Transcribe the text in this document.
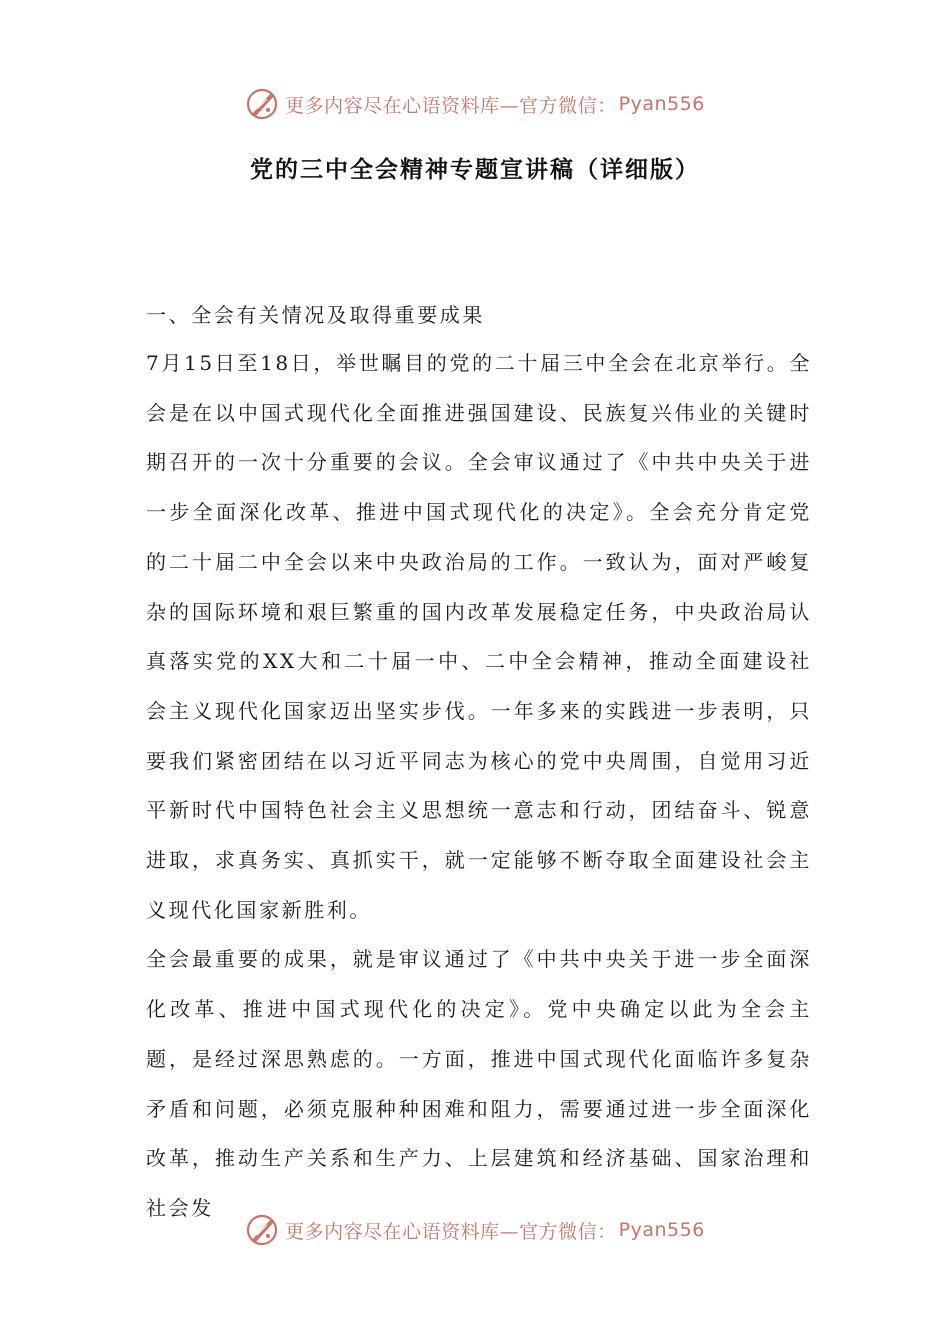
更多内容尽在心语资料库—官方微信： Pyan556
党的三中全会精神专题宣讲稿（详细版）

一、全会有关情况及取得重要成果

7月15日至18日，举世瞩目的党的二十届三中全会在北京举行。全会是在以中国式现代化全面推进强国建设、民族复兴伟业的关键时期召开的一次十分重要的会议。全会审议通过了《中共中央关于进一步全面深化改革、推进中国式现代化的决定》。全会充分肯定党的二十届二中全会以来中央政治局的工作。一致认为，面对严峻复杂的国际环境和艰巨繁重的国内改革发展稳定任务，中央政治局认真落实党的XX大和二十届一中、二中全会精神，推动全面建设社会主义现代化国家迈出坚实步伐。一年多来的实践进一步表明，只要我们紧密团结在以习近平同志为核心的党中央周围，自觉用习近平新时代中国特色社会主义思想统一意志和行动，团结奋斗、锐意进取，求真务实、真抓实干，就一定能够不断夺取全面建设社会主义现代化国家新胜利。

全会最重要的成果，就是审议通过了《中共中央关于进一步全面深化改革、推进中国式现代化的决定》。党中央确定以此为全会主题，是经过深思熟虑的。一方面，推进中国式现代化面临许多复杂矛盾和问题，必须克服种种困难和阻力，需要通过进一步全面深化改革，推动生产关系和生产力、上层建筑和经济基础、国家治理和社会发

更多内容尽在心语资料库—官方微信： Pyan556
